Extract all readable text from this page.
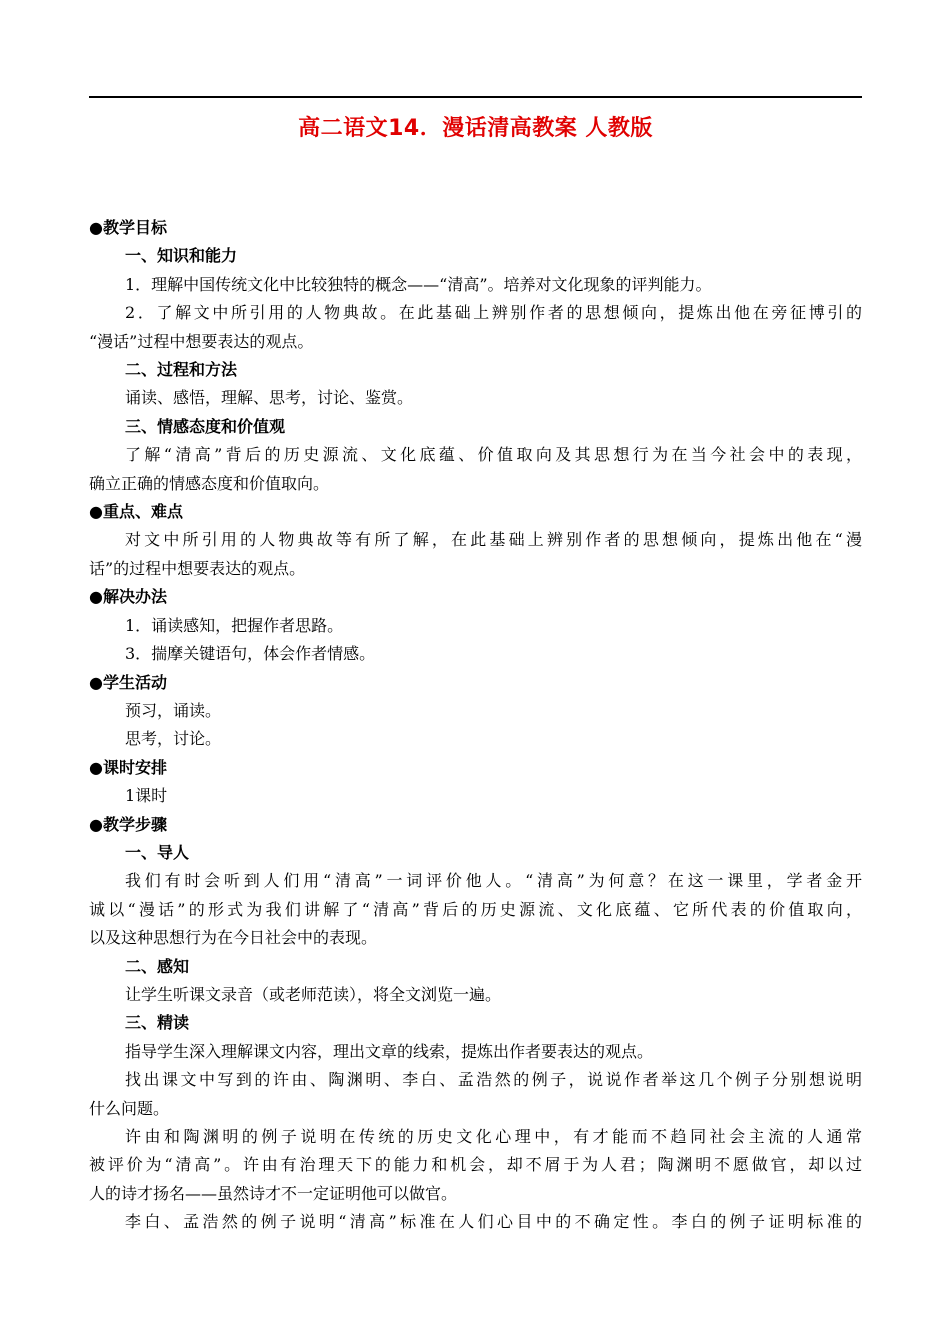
高二语文14．漫话清高教案 人教版
●教学目标
一、知识和能力
1．理解中国传统文化中比较独特的概念——“清高”。培养对文化现象的评判能力。
2．了解文中所引用的人物典故。在此基础上辨别作者的思想倾向，提炼出他在旁征博引的
“漫话”过程中想要表达的观点。
二、过程和方法
诵读、感悟，理解、思考，讨论、鉴赏。
三、情感态度和价值观
了解“清高”背后的历史源流、文化底蕴、价值取向及其思想行为在当今社会中的表现，
确立正确的情感态度和价值取向。
●重点、难点
对文中所引用的人物典故等有所了解，在此基础上辨别作者的思想倾向，提炼出他在“漫
话”的过程中想要表达的观点。
●解决办法
1．诵读感知，把握作者思路。
3．揣摩关键语句，体会作者情感。
●学生活动
预习，诵读。
思考，讨论。
●课时安排
1课时
●教学步骤
一、导人
我们有时会听到人们用“清高”一词评价他人。“清高”为何意？在这一课里，学者金开
诚以“漫话”的形式为我们讲解了“清高”背后的历史源流、文化底蕴、它所代表的价值取向，
以及这种思想行为在今日社会中的表现。
二、感知
让学生听课文录音（或老师范读），将全文浏览一遍。
三、精读
指导学生深入理解课文内容，理出文章的线索，提炼出作者要表达的观点。
找出课文中写到的许由、陶渊明、李白、孟浩然的例子，说说作者举这几个例子分别想说明
什么问题。
许由和陶渊明的例子说明在传统的历史文化心理中，有才能而不趋同社会主流的人通常
被评价为“清高”。许由有治理天下的能力和机会，却不屑于为人君；陶渊明不愿做官，却以过
人的诗才扬名——虽然诗才不一定证明他可以做官。
李白、孟浩然的例子说明“清高”标准在人们心目中的不确定性。李白的例子证明标准的
